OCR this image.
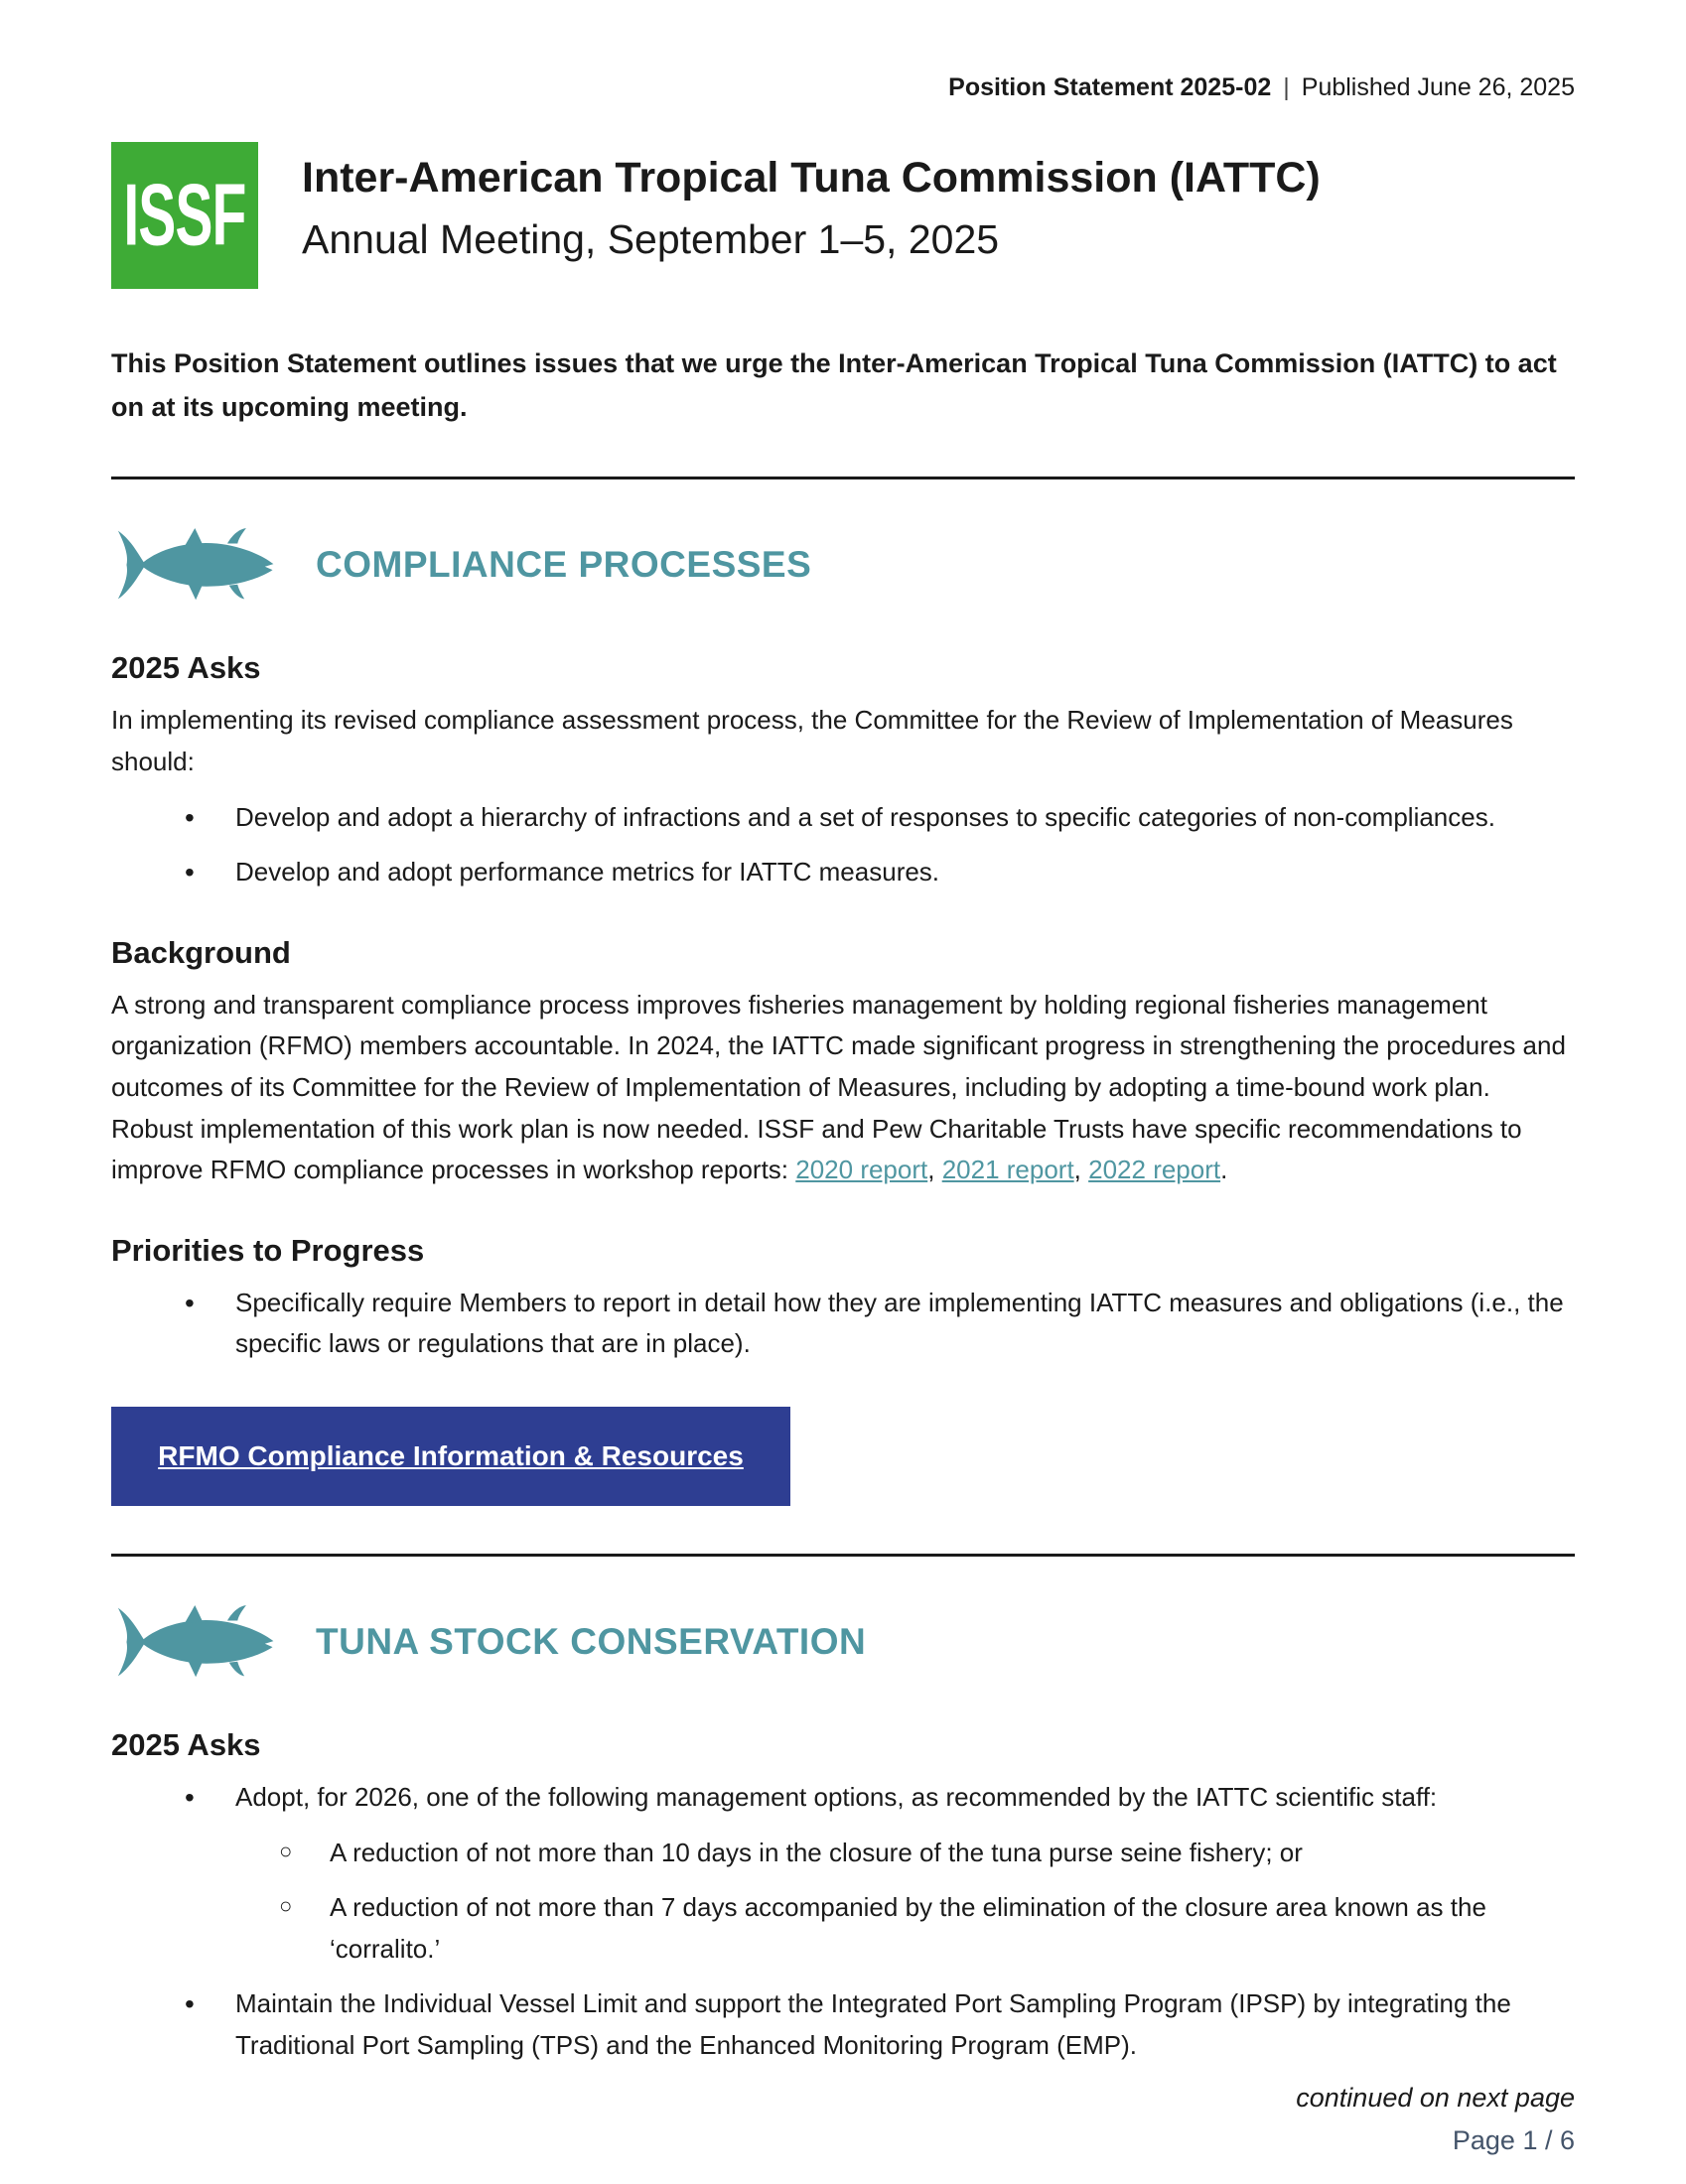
Position Statement 2025-02 | Published June 26, 2025
ISSF Inter-American Tropical Tuna Commission (IATTC)
Annual Meeting, September 1–5, 2025

This Position Statement outlines issues that we urge the Inter-American Tropical Tuna Commission (IATTC) to act on at its upcoming meeting.

COMPLIANCE PROCESSES
2025 Asks

In implementing its revised compliance assessment process, the Committee for the Review of Implementation of Measures should:

• Develop and adopt a hierarchy of infractions and a set of responses to specific categories of non-compliances.
• Develop and adopt performance metrics for IATTC measures.
Background

A strong and transparent compliance process improves fisheries management by holding regional fisheries management organization (RFMO) members accountable. In 2024, the IATTC made significant progress in strengthening the procedures and outcomes of its Committee for the Review of Implementation of Measures, including by adopting a time-bound work plan. Robust implementation of this work plan is now needed. ISSF and Pew Charitable Trusts have specific recommendations to improve RFMO compliance processes in workshop reports: 2020 report, 2021 report, 2022 report.

Priorities to Progress
• Specifically require Members to report in detail how they are implementing IATTC measures and obligations (i.e., the specific laws or regulations that are in place).
RFMO Compliance Information & Resources
TUNA STOCK CONSERVATION
2025 Asks
• Adopt, for 2026, one of the following management options, as recommended by the IATTC scientific staff:
○ A reduction of not more than 10 days in the closure of the tuna purse seine fishery; or
○ A reduction of not more than 7 days accompanied by the elimination of the closure area known as the ‘corralito.’
• Maintain the Individual Vessel Limit and support the Integrated Port Sampling Program (IPSP) by integrating the Traditional Port Sampling (TPS) and the Enhanced Monitoring Program (EMP).
continued on next page
Page 1 / 6
